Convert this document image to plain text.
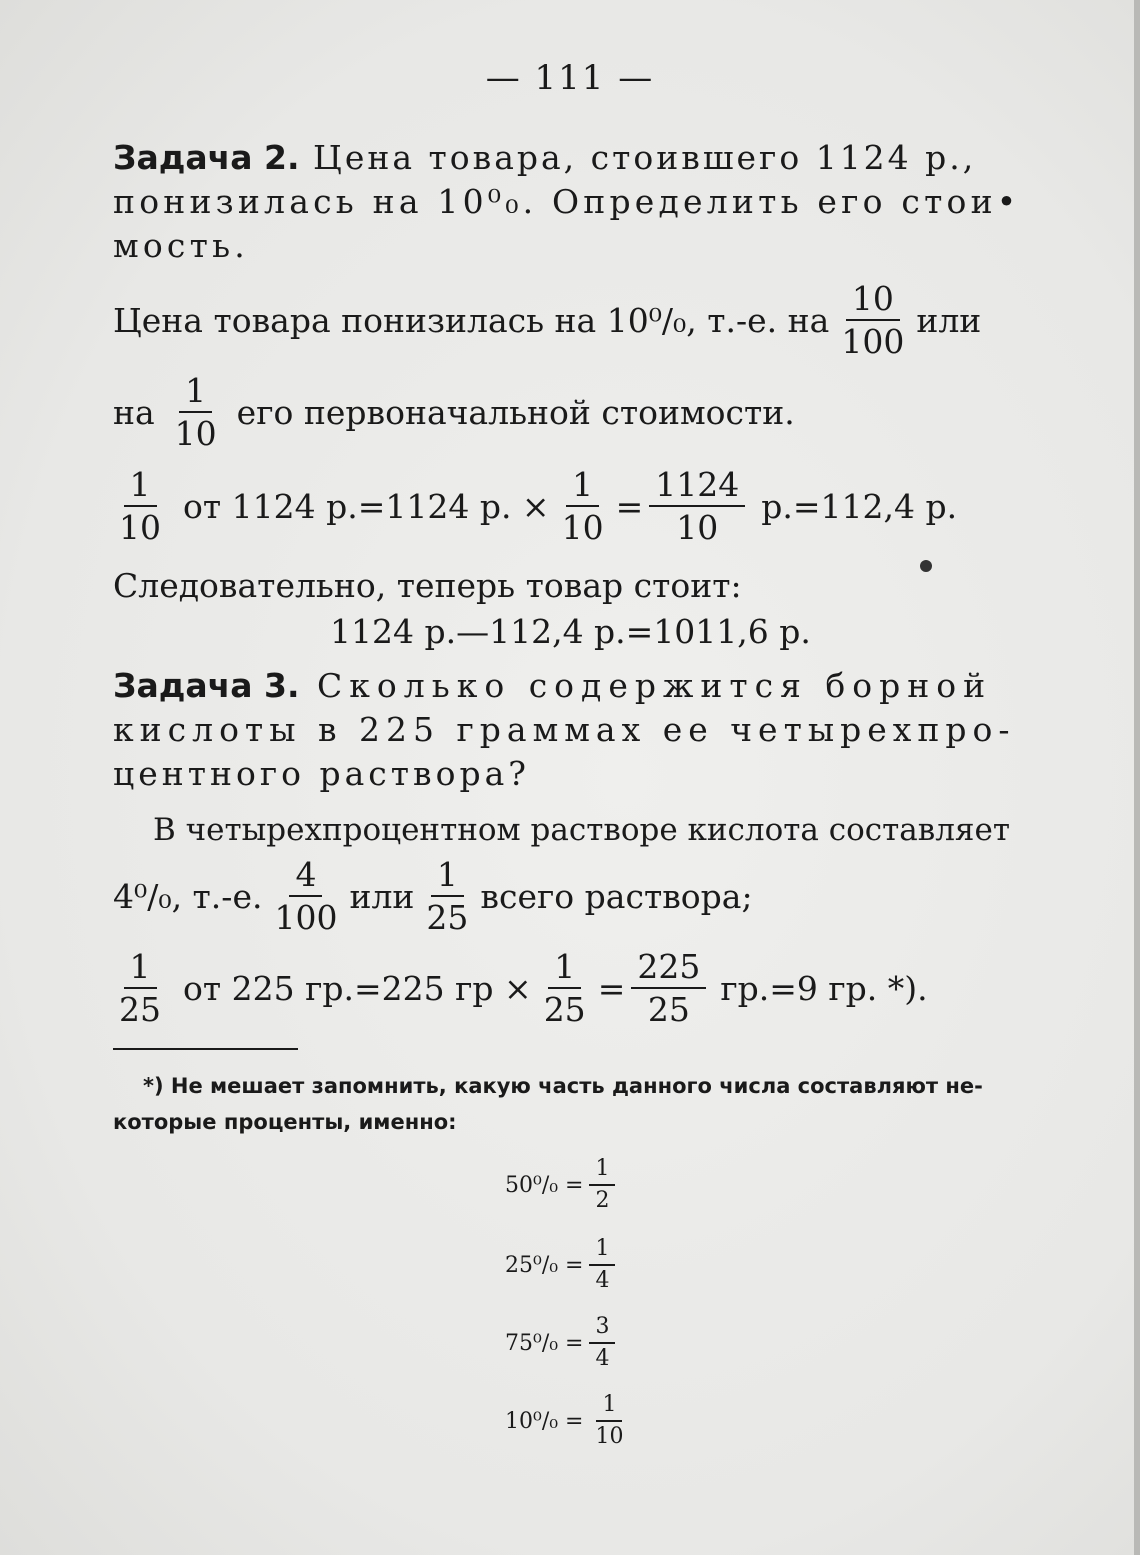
— 111 —
Задача 2. Цена товара, стоившего 1124 р.,
понизилась на 10⁰₀. Определить его стои•
мость.
Цена товара понизилась на 10⁰/₀, т.-е. на $\frac{10}{100}$ или
на $\frac{1}{10}$ его первоначальной стоимости.
$\frac{1}{10}$ от 1124 р.=1124 р. × $\frac{1}{10} = \frac{1124}{10} р.=112,4$ р.
Следовательно, теперь товар стоит:
1124 р.—112,4 р.=1011,6 р.
Задача 3. Сколько содержится борной
кислоты в 225 граммах ее четырехпро-
центного раствора?
В четырехпроцентном растворе кислота составляет
4⁰/₀, т.-е. $\frac{4}{100}$ или $\frac{1}{25}$ всего раствора;
$\frac{1}{25}$ от 225 гр.=225 гр × $\frac{1}{25} = \frac{225}{25} гр.=9$ гр. *).
*) Не мешает запомнить, какую часть данного числа составляют не-
которые проценты, именно:
$50^0/_0 = \frac{1}{2}$
$25^0/_0 = \frac{1}{4}$
$75^0/_0 = \frac{3}{4}$
$10^0/_0 = \frac{1}{10}$
